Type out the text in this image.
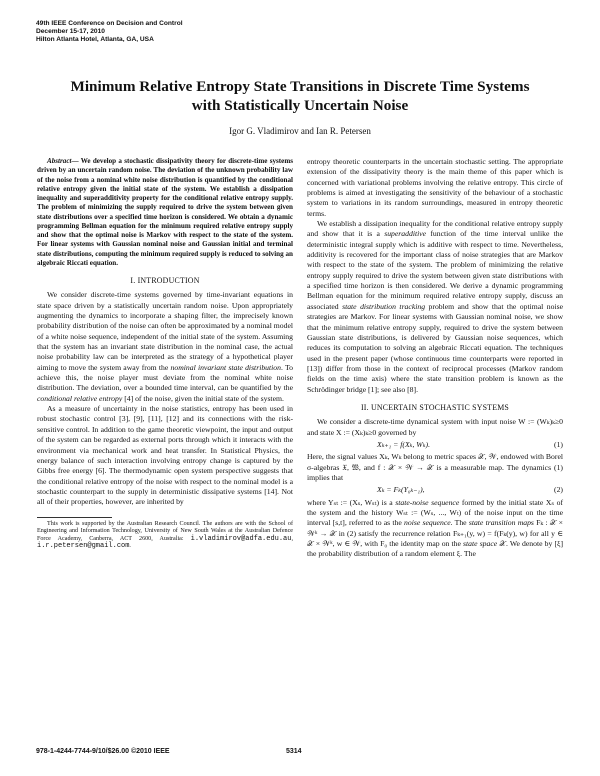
49th IEEE Conference on Decision and Control
December 15-17, 2010
Hilton Atlanta Hotel, Atlanta, GA, USA
Minimum Relative Entropy State Transitions in Discrete Time Systems
with Statistically Uncertain Noise
Igor G. Vladimirov and Ian R. Petersen

Abstract— We develop a stochastic dissipativity theory for discrete-time systems driven by an uncertain random noise. The deviation of the unknown probability law of the noise from a nominal white noise distribution is quantified by the conditional relative entropy given the initial state of the system. We establish a dissipation inequality and superadditivity property for the conditional relative entropy supply. The problem of minimizing the supply required to drive the system between given state distributions over a specified time horizon is considered. We obtain a dynamic programming Bellman equation for the minimum required relative entropy supply and show that the optimal noise is Markov with respect to the state of the system. For linear systems with Gaussian nominal noise and Gaussian initial and terminal state distributions, computing the minimum required supply is reduced to solving an algebraic Riccati equation.

I. INTRODUCTION

We consider discrete-time systems governed by time-invariant equations in state space driven by a statistically uncertain random noise. Upon appropriately augmenting the dynamics to incorporate a shaping filter, the imprecisely known probability distribution of the noise can often be approximated by a nominal model of a white noise sequence, independent of the initial state of the system. Assuming that the system has an invariant state distribution in the nominal case, the actual noise probability law can be interpreted as the strategy of a hypothetical player aiming to move the system away from the nominal invariant state distribution. To achieve this, the noise player must deviate from the nominal white noise distribution. The deviation, over a bounded time interval, can be quantified by the conditional relative entropy [4] of the noise, given the initial state of the system.

As a measure of uncertainty in the noise statistics, entropy has been used in robust stochastic control [3], [9], [11], [12] and its connections with the risk-sensitive control. In addition to the game theoretic viewpoint, the input and output of the system can be regarded as external ports through which it interacts with the environment via mechanical work and heat transfer. In Statistical Physics, the energy balance of such interaction involving entropy change is captured by the Gibbs free energy [6]. The thermodynamic open system perspective suggests that the conditional relative entropy of the noise with respect to the nominal model is a stochastic counterpart to the supply in deterministic dissipative systems [14]. Not all of their properties, however, are inherited by

This work is supported by the Australian Research Council. The authors are with the School of Engineering and Information Technology, University of New South Wales at the Australian Defence Force Academy, Canberra, ACT 2600, Australia: i.vladimirov@adfa.edu.au, i.r.petersen@gmail.com.

entropy theoretic counterparts in the uncertain stochastic setting. The appropriate extension of the dissipativity theory is the main theme of this paper which is concerned with variational problems involving the relative entropy. This circle of problems is aimed at investigating the sensitivity of the behaviour of a stochastic system to variations in its random surroundings, measured in entropy theoretic terms.

We establish a dissipation inequality for the conditional relative entropy supply and show that it is a superadditive function of the time interval unlike the deterministic integral supply which is additive with respect to time. Nevertheless, additivity is recovered for the important class of noise strategies that are Markov with respect to the state of the system. The problem of minimizing the relative entropy supply required to drive the system between given state distributions with a specified time horizon is then considered. We derive a dynamic programming Bellman equation for the minimum required relative entropy supply, discuss an associated state distribution tracking problem and show that the optimal noise strategies are Markov. For linear systems with Gaussian nominal noise, we show that the minimum relative entropy supply, required to drive the system between Gaussian state distributions, is delivered by Gaussian noise sequences, which reduces its computation to solving an algebraic Riccati equation. The techniques used in the present paper (whose continuous time counterparts were reported in [13]) differ from those in the context of reciprocal processes (Markov random fields on the time axis) where the state transition problem is known as the Schrödinger bridge [1]; see also [8].

II. UNCERTAIN STOCHASTIC SYSTEMS

We consider a discrete-time dynamical system with input noise W := (Wₖ)ₖ≥0 and state X := (Xₖ)ₖ≥0 governed by

Xₖ₊₁ = f(Xₖ, Wₖ).	(1)

Here, the signal values Xₖ, Wₖ belong to metric spaces 𝒳, 𝒲, endowed with Borel σ-algebras 𝔛, 𝔚, and f : 𝒳 × 𝒲 → 𝒳 is a measurable map. The dynamics (1) implies that

Xₖ = Fₖ(Y₀ₖ₋₁),	(2)

where Yₛₜ := (Xₛ, Wₛₜ) is a state-noise sequence formed by the initial state Xₛ of the system and the history Wₛₜ := (Wₛ, ..., Wₜ) of the noise input on the time interval [s,t], referred to as the noise sequence. The state transition maps Fₖ : 𝒳 × 𝒲ᵏ → 𝒳 in (2) satisfy the recurrence relation Fₖ₊₁(y, w) = f(Fₖ(y), w) for all y ∈ 𝒳 × 𝒲ᵏ, w ∈ 𝒲, with F₀ the identity map on the state space 𝒳. We denote by [ξ] the probability distribution of a random element ξ. The

978-1-4244-7744-9/10/$26.00 ©2010 IEEE	5314
